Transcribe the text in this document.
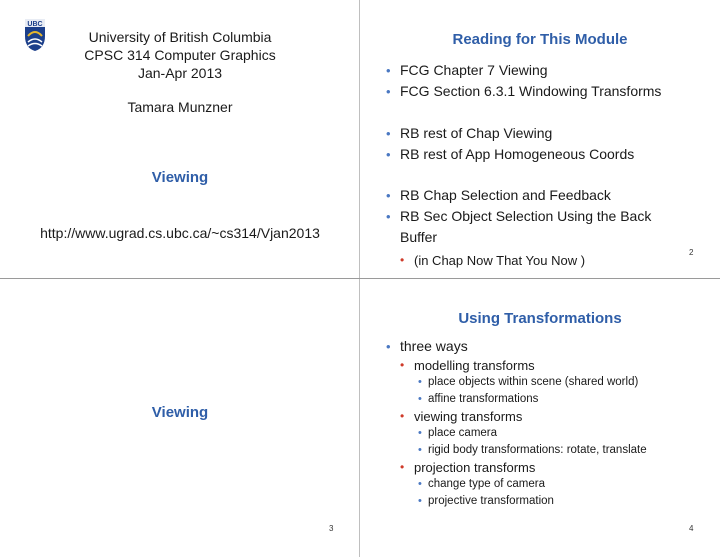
UBC
University of British Columbia
CPSC 314 Computer Graphics
Jan-Apr 2013
Tamara Munzner
Viewing
http://www.ugrad.cs.ubc.ca/~cs314/Vjan2013
Reading for This Module
• FCG Chapter 7 Viewing
• FCG Section 6.3.1 Windowing Transforms
• RB rest of Chap Viewing
• RB rest of App Homogeneous Coords
• RB Chap Selection and Feedback
• RB Sec Object Selection Using the Back
Buffer
• (in Chap Now That You Now )
2
Viewing
3
Using Transformations
• three ways
• modelling transforms
• place objects within scene (shared world)
• affine transformations
• viewing transforms
• place camera
• rigid body transformations: rotate, translate
• projection transforms
• change type of camera
• projective transformation
4
